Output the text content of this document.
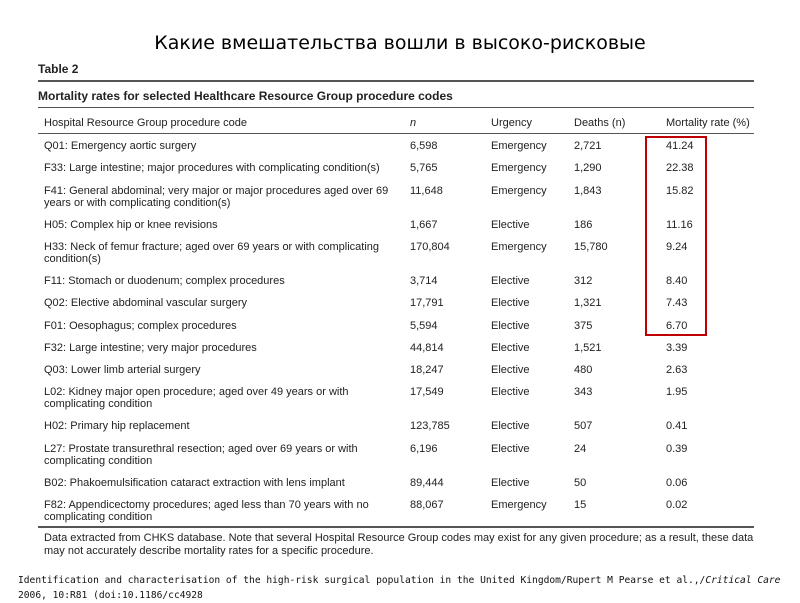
Какие вмешательства вошли в высоко-рисковые
Table 2
Mortality rates for selected Healthcare Resource Group procedure codes
Hospital Resource Group procedure code	n	Urgency	Deaths (n)	Mortality rate (%)
Q01: Emergency aortic surgery	6,598	Emergency 2,721	41.24
F33: Large intestine; major procedures with complicating condition(s)	5,765	Emergency 1,290	22.38
F41: General abdominal; very major or major procedures aged over 69 years or with complicating condition(s)
11,648	Emergency 1,843	15.82
H05: Complex hip or knee revisions	1,667	Elective	186	11.16
H33: Neck of femur fracture; aged over 69 years or with complicating condition(s)
170,804	Emergency 15,780	9.24
F11: Stomach or duodenum; complex procedures	3,714	Elective	312	8.40
Q02: Elective abdominal vascular surgery	17,791	Elective	1,321	7.43
F01: Oesophagus; complex procedures	5,594	Elective	375	6.70
F32: Large intestine; very major procedures	44,814	Elective	1,521	3.39
Q03: Lower limb arterial surgery	18,247	Elective	480	2.63
L02: Kidney major open procedure; aged over 49 years or with complicating condition
17,549	Elective	343	1.95
H02: Primary hip replacement	123,785	Elective	507	0.41
L27: Prostate transurethral resection; aged over 69 years or with complicating condition
6,196	Elective	24	0.39
B02: Phakoemulsification cataract extraction with lens implant	89,444	Elective	50	0.06
F82: Appendicectomy procedures; aged less than 70 years with no complicating condition
88,067	Emergency 15	0.02
Data extracted from CHKS database. Note that several Hospital Resource Group codes may exist for any given procedure; as a result, these data may not accurately describe mortality rates for a specific procedure.
Identification and characterisation of the high-risk surgical population in the United Kingdom/Rupert M Pearse et al.,/Critical Care 2006, 10:R81 (doi:10.1186/cc4928
